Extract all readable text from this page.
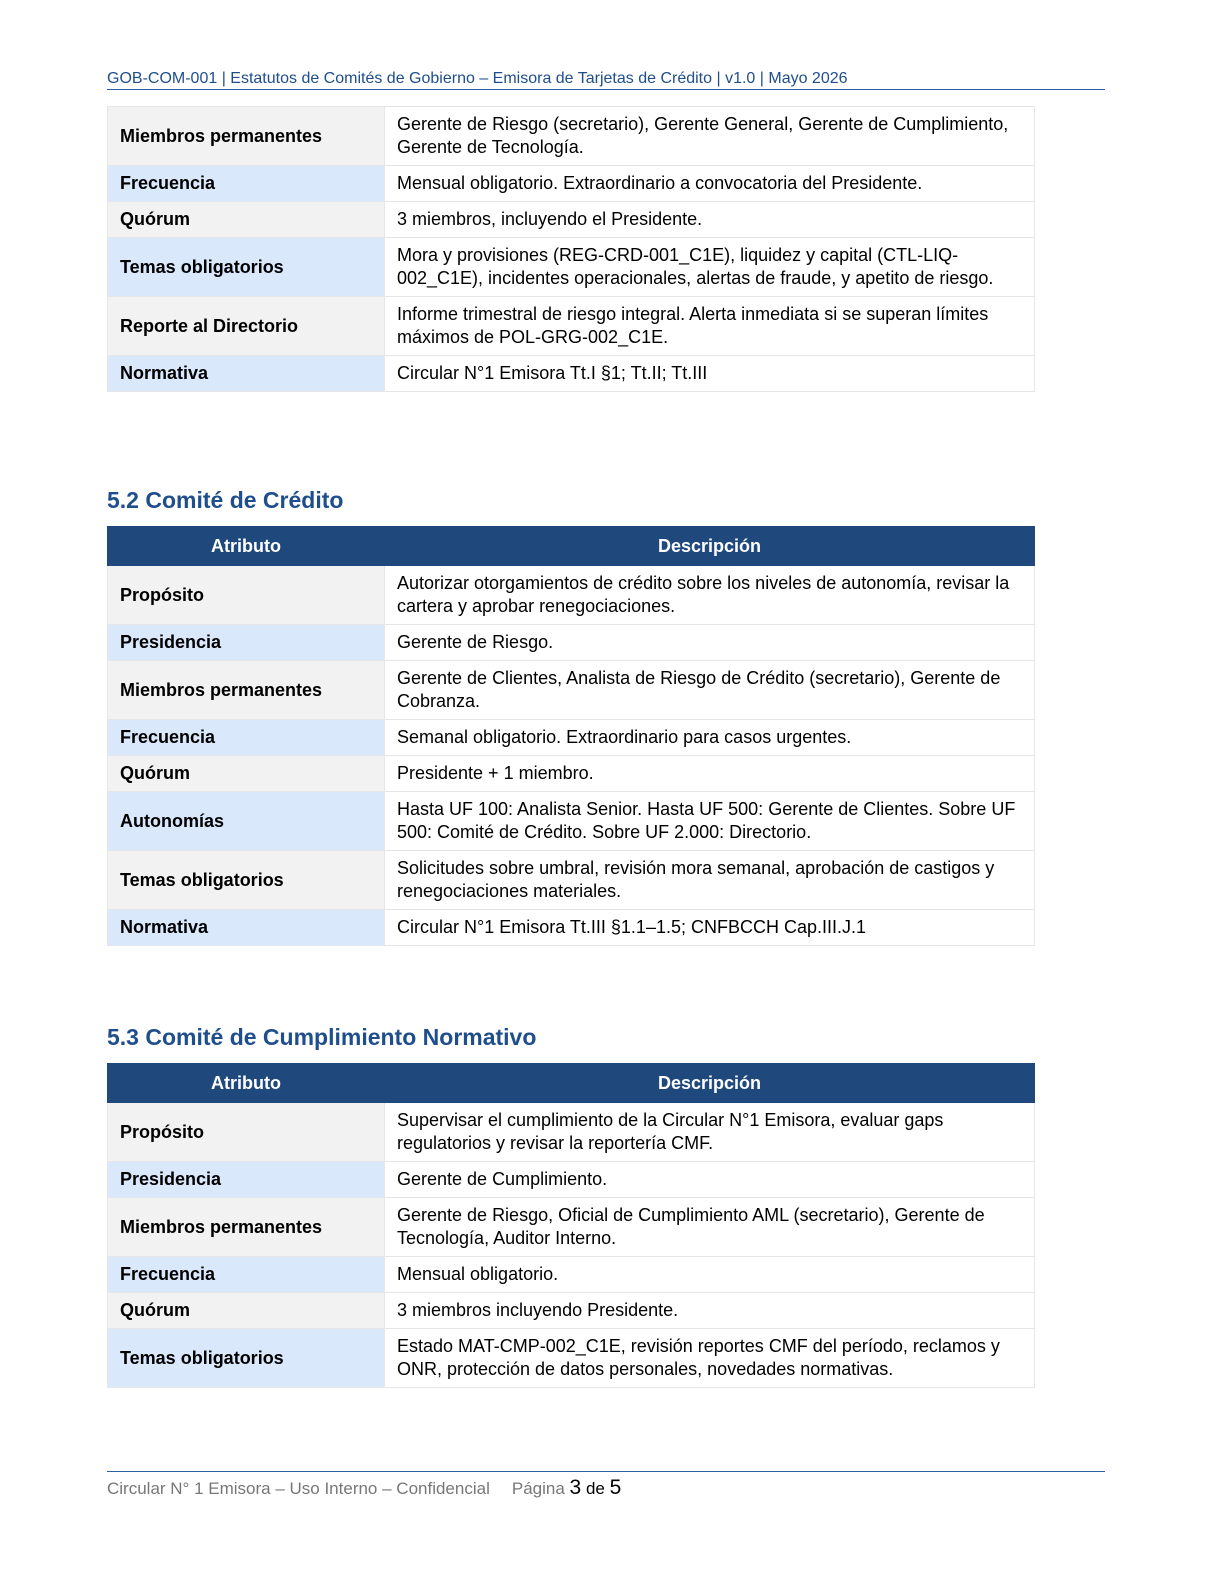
GOB-COM-001 | Estatutos de Comités de Gobierno – Emisora de Tarjetas de Crédito | v1.0 | Mayo 2026
Miembros permanentes	Gerente de Riesgo (secretario), Gerente General, Gerente de Cumplimiento, Gerente de Tecnología.
Frecuencia	Mensual obligatorio. Extraordinario a convocatoria del Presidente.
Quórum	3 miembros, incluyendo el Presidente.
Temas obligatorios	Mora y provisiones (REG-CRD-001_C1E), liquidez y capital (CTL-LIQ-002_C1E), incidentes operacionales, alertas de fraude, y apetito de riesgo.
Reporte al Directorio	Informe trimestral de riesgo integral. Alerta inmediata si se superan límites máximos de POL-GRG-002_C1E.
Normativa	Circular N°1 Emisora Tt.I §1; Tt.II; Tt.III
5.2 Comité de Crédito
Atributo	Descripción
Propósito	Autorizar otorgamientos de crédito sobre los niveles de autonomía, revisar la cartera y aprobar renegociaciones.
Presidencia	Gerente de Riesgo.
Miembros permanentes	Gerente de Clientes, Analista de Riesgo de Crédito (secretario), Gerente de Cobranza.
Frecuencia	Semanal obligatorio. Extraordinario para casos urgentes.
Quórum	Presidente + 1 miembro.
Autonomías	Hasta UF 100: Analista Senior. Hasta UF 500: Gerente de Clientes. Sobre UF 500: Comité de Crédito. Sobre UF 2.000: Directorio.
Temas obligatorios	Solicitudes sobre umbral, revisión mora semanal, aprobación de castigos y renegociaciones materiales.
Normativa	Circular N°1 Emisora Tt.III §1.1–1.5; CNFBCCH Cap.III.J.1
5.3 Comité de Cumplimiento Normativo
Atributo	Descripción
Propósito	Supervisar el cumplimiento de la Circular N°1 Emisora, evaluar gaps regulatorios y revisar la reportería CMF.
Presidencia	Gerente de Cumplimiento.
Miembros permanentes	Gerente de Riesgo, Oficial de Cumplimiento AML (secretario), Gerente de Tecnología, Auditor Interno.
Frecuencia	Mensual obligatorio.
Quórum	3 miembros incluyendo Presidente.
Temas obligatorios	Estado MAT-CMP-002_C1E, revisión reportes CMF del período, reclamos y ONR, protección de datos personales, novedades normativas.
Circular N° 1 Emisora – Uso Interno – Confidencial Página 3 de 5
